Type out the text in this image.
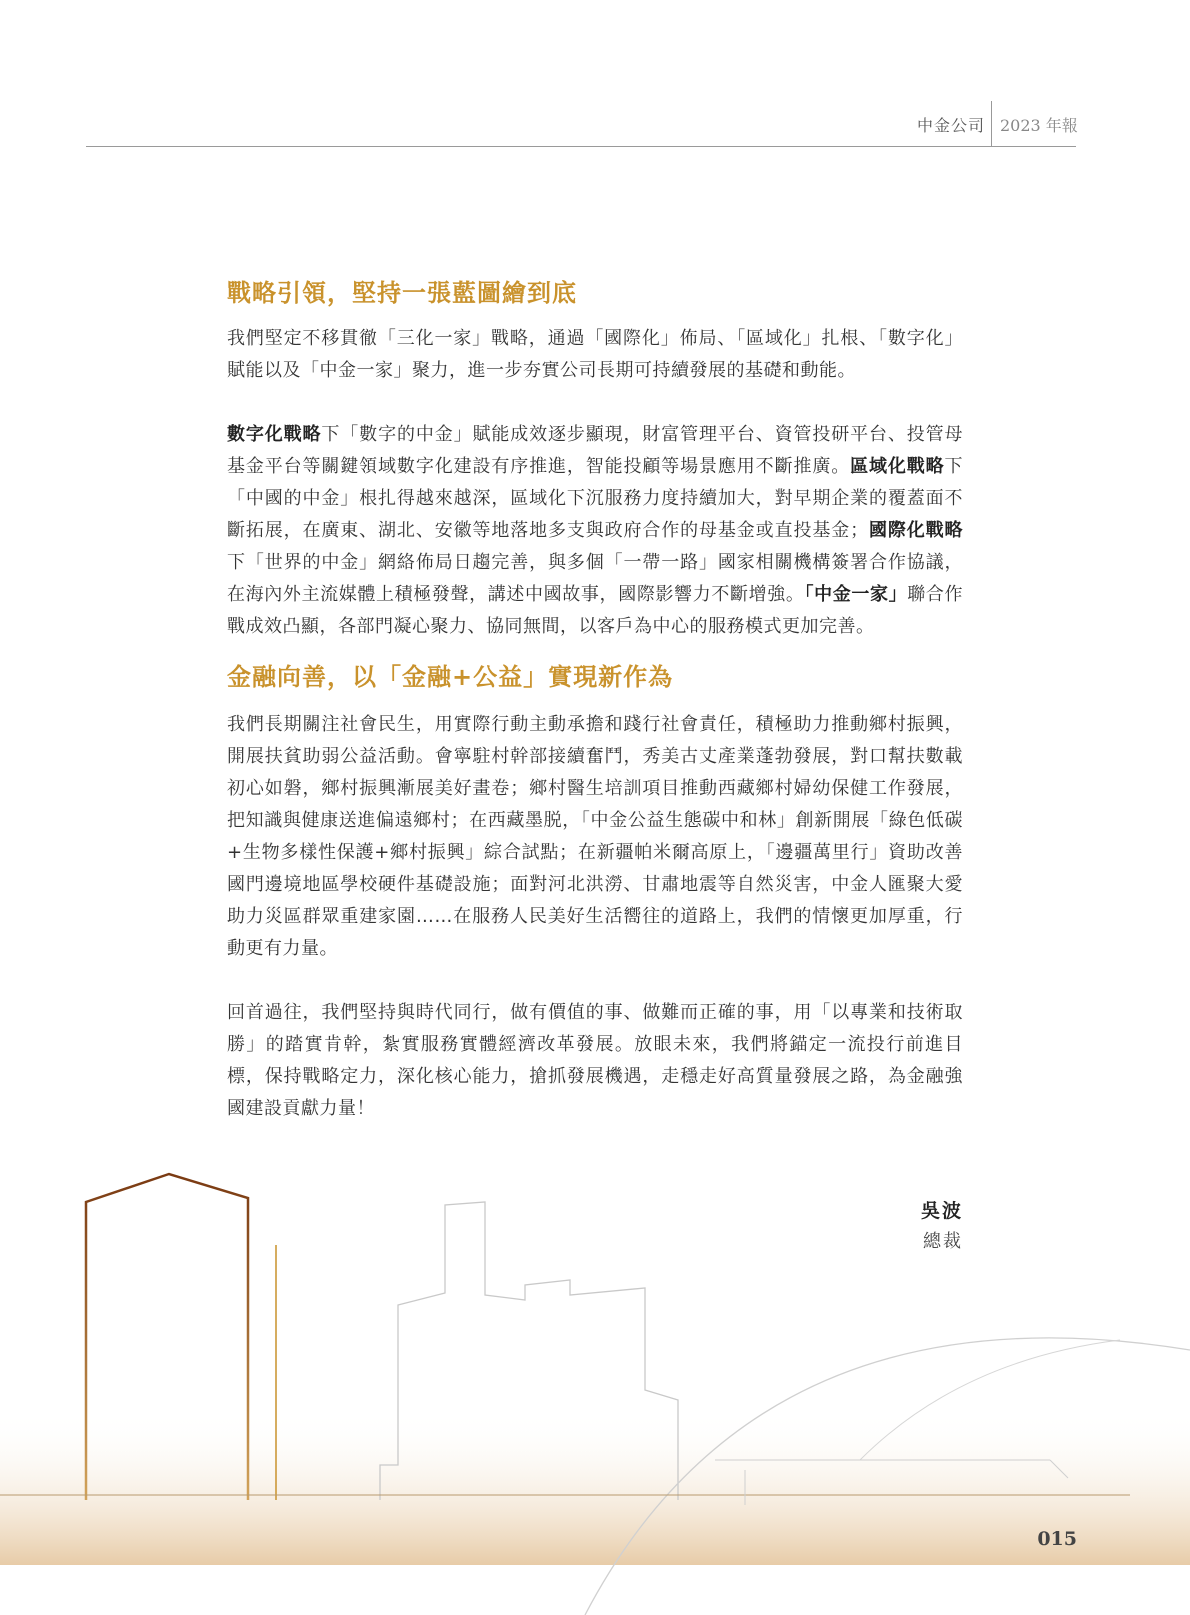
中金公司 2023 年報
戰略引領，堅持一張藍圖繪到底

我們堅定不移貫徹「三化一家」戰略，通過「國際化」佈局、「區域化」扎根、「數字化」賦能以及「中金一家」聚力，進一步夯實公司長期可持續發展的基礎和動能。

數字化戰略下「數字的中金」賦能成效逐步顯現，財富管理平台、資管投研平台、投管母基金平台等關鍵領域數字化建設有序推進，智能投顧等場景應用不斷推廣。區域化戰略下「中國的中金」根扎得越來越深，區域化下沉服務力度持續加大，對早期企業的覆蓋面不斷拓展，在廣東、湖北、安徽等地落地多支與政府合作的母基金或直投基金；國際化戰略下「世界的中金」網絡佈局日趨完善，與多個「一帶一路」國家相關機構簽署合作協議，在海內外主流媒體上積極發聲，講述中國故事，國際影響力不斷增強。「中金一家」聯合作戰成效凸顯，各部門凝心聚力、協同無間，以客戶為中心的服務模式更加完善。

金融向善，以「金融+公益」實現新作為

我們長期關注社會民生，用實際行動主動承擔和踐行社會責任，積極助力推動鄉村振興，開展扶貧助弱公益活動。會寧駐村幹部接續奮鬥，秀美古丈產業蓬勃發展，對口幫扶數載初心如磐，鄉村振興漸展美好畫卷；鄉村醫生培訓項目推動西藏鄉村婦幼保健工作發展，把知識與健康送進偏遠鄉村；在西藏墨脱，「中金公益生態碳中和林」創新開展「綠色低碳+生物多樣性保護+鄉村振興」綜合試點；在新疆帕米爾高原上，「邊疆萬里行」資助改善國門邊境地區學校硬件基礎設施；面對河北洪澇、甘肅地震等自然災害，中金人匯聚大愛助力災區群眾重建家園……在服務人民美好生活嚮往的道路上，我們的情懷更加厚重，行動更有力量。

回首過往，我們堅持與時代同行，做有價值的事、做難而正確的事，用「以專業和技術取勝」的踏實肯幹，紮實服務實體經濟改革發展。放眼未來，我們將錨定一流投行前進目標，保持戰略定力，深化核心能力，搶抓發展機遇，走穩走好高質量發展之路，為金融強國建設貢獻力量！

吳波
總裁
015
